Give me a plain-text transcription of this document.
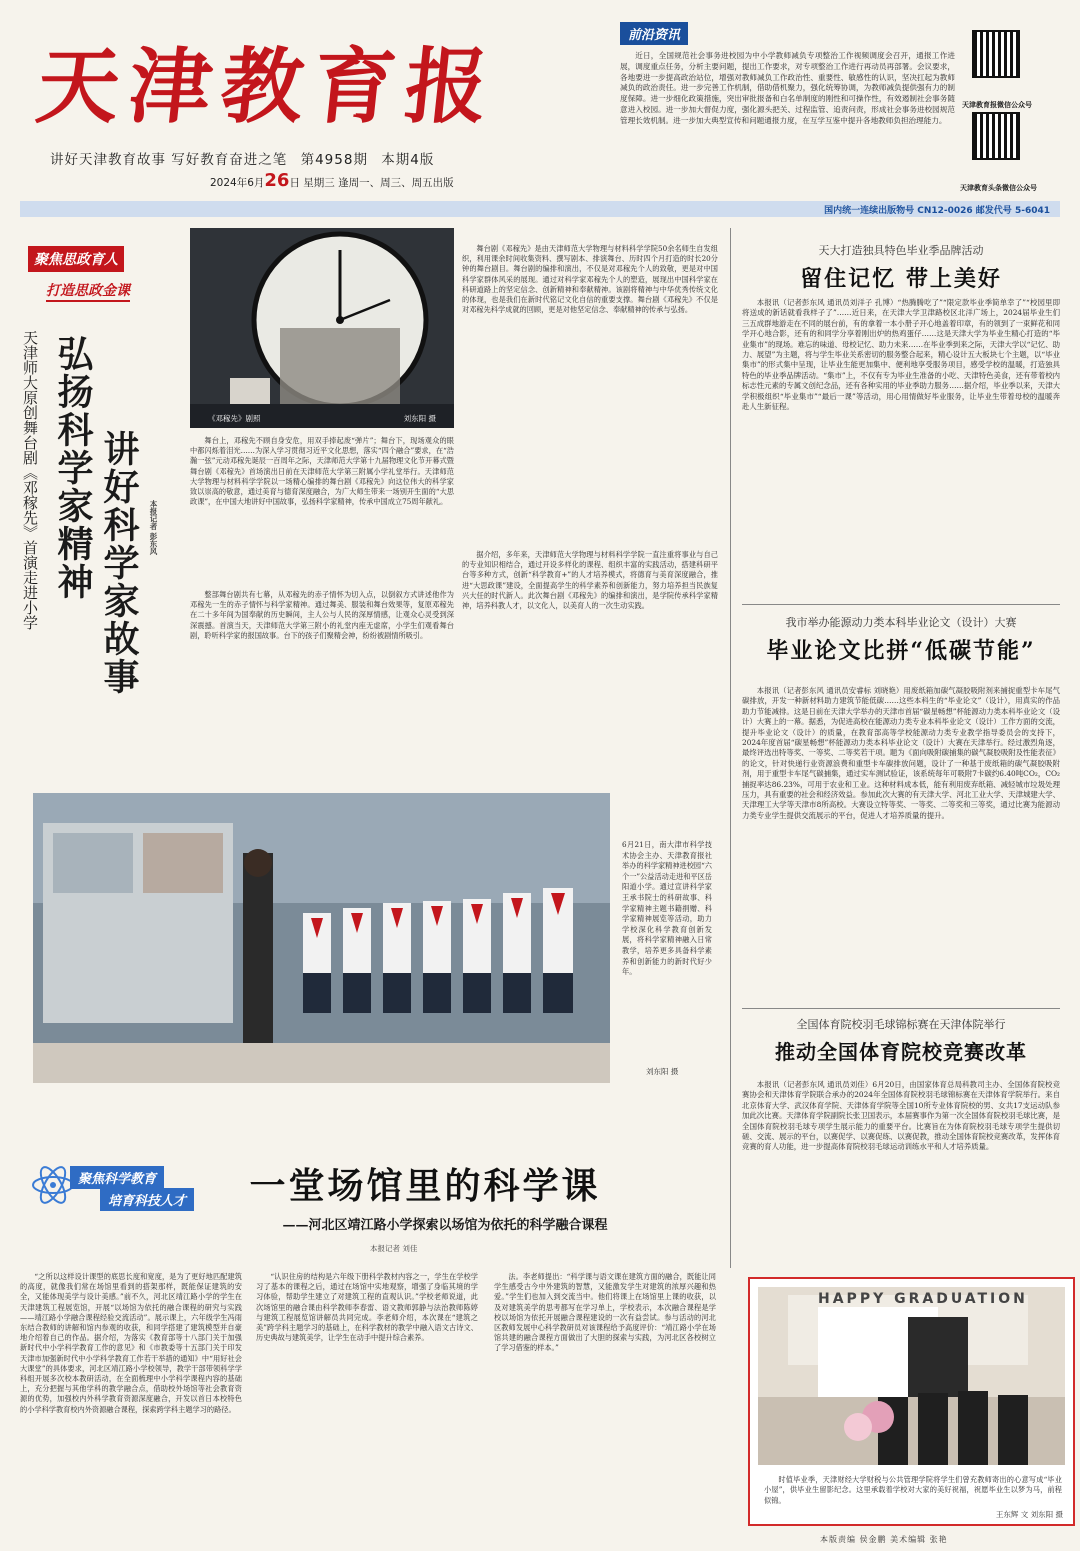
天津教育报
讲好天津教育故事 写好教育奋进之笔 第4958期 本期4版
2024年6月26日 星期三 逢周一、周三、周五出版
前沿资讯
近日，全国规范社会事务进校园为中小学教师减负专项整治工作视频调度会召开，通报工作进展，调度重点任务，分析主要问题，提出工作要求，对专项整治工作进行再动员再部署。会议要求，各地要进一步提高政治站位，增强对教师减负工作政治性、重要性、敏感性的认识，坚决扛起为教师减负的政治责任。进一步完善工作机制，借助借机聚力，强化统筹协调，为教师减负提供强有力的制度保障。进一步细化政策措施，突出审批报备和白名单制度的刚性和可操作性，有效遏制社会事务随意进入校园。进一步加大督促力度，强化源头把关、过程监管、追责问责，形成社会事务进校园规范管理长效机制。进一步加大典型宣传和问题通报力度，在互学互鉴中提升各地教师负担治理能力。
天津教育报微信公众号
天津教育头条微信公众号
国内统一连续出版物号 CN12-0026 邮发代号 5-6041
聚焦思政育人 打造思政金课
天津师大原创舞台剧《邓稼先》首演走进小学 弘扬科学家精神 讲好科学家故事	本报记者 彭东风
《邓稼先》剧照	刘东阳 摄
舞台上，邓稼先不顾自身安危，用双手捧起废“弹片”；舞台下，现场观众的眼中都闪烁着泪光……为深入学习贯彻习近平文化思想，落实“四个融合”要求，在“浩瀚一弦”元动邓稼先诞辰一百周年之际，天津师范大学第十九届物理文化节开幕式暨舞台剧《邓稼先》首场演出日前在天津师范大学第三附属小学礼堂举行。天津师范大学物理与材料科学学院以一场精心编排的舞台剧《邓稼先》向这位伟大的科学家致以崇高的敬意，通过美育与德育深度融合，为广大师生带来一场别开生面的“大思政课”，在中国大地讲好中国故事，弘扬科学家精神，传承中国成立75周年献礼。
整部舞台剧共有七幕，从邓稼先的赤子情怀为切入点，以倒叙方式讲述他作为邓稼先一生的赤子情怀与科学家精神。通过舞美、服装和舞台效果等，复原邓稼先在二十多年间为国奉献的历史瞬间，主人公与人民的深厚情感，让观众心灵受到深深震撼。首演当天，天津师范大学第三附小的礼堂内座无虚席，小学生们观看舞台剧，聆听科学家的报国故事。台下的孩子们聚精会神，纷纷被剧情所吸引。
舞台剧《邓稼先》是由天津师范大学物理与材料科学学院50余名师生自发组织，利用课余时间收集资料、撰写剧本、排演舞台、历时四个月打造的时长20分钟的舞台剧目。舞台剧的编排和演出，不仅是对邓稼先个人的致敬，更是对中国科学家群体风采的展现。通过对科学家邓稼先个人的塑造，展现出中国科学家在科研道路上的坚定信念、创新精神和奉献精神。该剧将精神与中华优秀传统文化的体现，也是我们在新时代铭记文化自信的重要支撑。舞台剧《邓稼先》不仅是对邓稼先科学成就的回顾，更是对他坚定信念、奉献精神的传承与弘扬。
据介绍，多年来，天津师范大学物理与材料科学学院一直注重将事业与自己的专业知识相结合，通过开设多样化的课程、组织丰富的实践活动，搭建科研平台等多种方式，创新“科学教育+”的人才培养模式，将德育与美育深度融合，推进“大思政课”建设，全面提高学生的科学素养和创新能力，努力培养担当民族复兴大任的时代新人。此次舞台剧《邓稼先》的编排和演出，是学院传承科学家精神，培养科教人才，以文化人，以美育人的一次生动实践。
6月21日，南大津市科学技术协会主办、天津教育报社举办的科学家精神进校园“六个一”公益活动走进和平区岳阳道小学。通过宣讲科学家王承书院士的科研故事、科学家精神主题书籍捐赠、科学家精神展览等活动，助力学校深化科学教育创新发展，将科学家精神融入日常教学，培养更多具备科学素养和创新能力的新时代好少年。
刘东阳 摄
聚焦科学教育
培育科技人才	一堂场馆里的科学课
——河北区靖江路小学探索以场馆为依托的科学融合课程
本报记者 刘佳
“之所以这样设计课型的底思长度和宽度，是为了更好地匹配建筑的高度，就像我们常在场馆里看到的搭架那样，既能保证建筑的安全，又能体现美学与设计美感。”前不久，河北区靖江路小学的学生在天津建筑工程展览馆，开展“以场馆为依托的融合课程的研究与实践——靖江路小学融合课程经验交流活动”。展示课上，六年级学生冯雨东结合教师的讲解和馆内参观的收获，和同学搭建了建筑模型并自豪地介绍着自己的作品。据介绍，为落实《教育部等十八部门关于加强新时代中小学科学教育工作的意见》和《市教委等十五部门关于印发天津市加强新时代中小学科学教育工作若干举措的通知》中“用好社会大课堂”的具体要求，河北区靖江路小学校领导，教学干部带领科学学科组开展多次校本教研活动，在全面梳理中小学科学课程内容的基础上，充分把握与其他学科的教学融合点，借助校外场馆等社会教育资源的优势，加强校内外科学教育资源深度融合，开发以首日本校特色的小学科学教育校内外资源融合课程，探索跨学科主题学习的路径。
“认识住房的结构是六年级下册科学教材内容之一，学生在学校学习了基本的课程之后，通过在场馆中实地观察，增强了身临其境的学习体验，帮助学生建立了对建筑工程的直观认识。”学校老师说道，此次场馆里的融合课由科学教师李春雷、语文教师郭静与法治教师陈婷与建筑工程展览馆讲解员共同完成。李老师介绍，本次课在“建筑之美”跨学科主题学习的基础上，在科学教材的教学中融入语文古诗文、历史典故与建筑美学，让学生在动手中提升综合素养。
法。李老师提出：“科学课与语文课在建筑方面的融合，既能让同学生感受古今中外建筑的智慧，又能激发学生对建筑的浓厚兴趣和热爱。”学生们也加入到交流当中。他们将课上在场馆里上课的收获，以及对建筑美学的思考都写在学习单上，学校表示，本次融合课程是学校以场馆为依托开展融合课程建设的一次有益尝试。参与活动的河北区教师发展中心科学教研员对该课程给予高度评价：“靖江路小学在场馆共建的融合课程方面做出了大胆的探索与实践，为河北区各校树立了学习借鉴的样本。”
天大打造独具特色毕业季品牌活动
留住记忆 带上美好
本报讯（记者彭东风 通讯员刘洋子 孔博）“热腾腾吃了”“限定款毕业季简单幸了”“校园里即将送成的新话就看我样子了”……近日来，在天津大学卫津路校区北洋广场上，2024届毕业生们三五成群地游走在不同的展台前，有的拿着一本小册子开心地盖着印章，有的领到了一束鲜花和同学开心地合影，还有的和同学分享着刚出炉的热鸡蛋仔……这是天津大学为毕业生精心打造的“毕业集市”的现场。难忘的味道、母校记忆、助力未来……在毕业季到来之际，天津大学以“记忆、助力、展望”为主题，将与学生毕业关系密切的服务整合起来，精心设计五大板块七个主题，以“毕业集市”的形式集中呈现，让毕业生能更加集中、便利地享受服务项目，感受学校的温暖，打造独具特色的毕业季品牌活动。“集市”上，不仅有专为毕业生准备的小吃、天津特色美食，还有带着校内标志性元素的专属文创纪念品，还有各种实用的毕业季助力服务……据介绍，毕业季以来，天津大学积极组织“毕业集市”“最后一课”等活动，用心用情做好毕业服务，让毕业生带着母校的温暖奔赴人生新征程。
我市举办能源动力类本科毕业论文（设计）大赛
毕业论文比拼“低碳节能”
本报讯（记者彭东风 通讯员安睿标 刘晓艳）用废纸箱加碳气凝胶吸附剂来捕捉重型卡车尾气碳排放，开发一种新材料助力建筑节能低碳……这些本科生的“毕业论文”（设计），用真实的作品助力节能减排。这是日前在天津大学举办的天津市首届“碳星畅想”杯能源动力类本科毕业论文（设计）大赛上的一幕。据悉，为促进高校在能源动力类专业本科毕业论文（设计）工作方面的交流，提升毕业论文（设计）的质量，在教育部高等学校能源动力类专业教学指导委员会的支持下，2024年度首届“碳星畅想”杯能源动力类本科毕业论文（设计）大赛在天津举行。经过激烈角逐，最终评选出特等奖、一等奖、二等奖若干项。题为《面向吸附碳捕集的碳气凝胶吸附及性能表征》的论文，针对快递行业资源浪费和重型卡车碳排放问题，设计了一种基于废纸箱的碳气凝胶吸附剂，用于重型卡车尾气碳捕集，通过实车测试验证，该系统每年可吸附7卡碳约6.40吨CO₂，CO₂捕捉率达86.23%，可用于农业和工业。这种材料成本低，能有利用废弃纸箱、减轻城市垃圾处理压力，具有重要的社会和经济效益。参加此次大赛的有天津大学、河北工业大学、天津城建大学、天津理工大学等天津市8所高校。大赛设立特等奖、一等奖、二等奖和三等奖，通过比赛为能源动力类专业学生提供交流展示的平台，促进人才培养质量的提升。
全国体育院校羽毛球锦标赛在天津体院举行
推动全国体育院校竞赛改革
本报讯（记者彭东风 通讯员刘佳）6月20日，由国家体育总局科教司主办、全国体育院校竞赛协会和天津体育学院联合承办的2024年全国体育院校羽毛球锦标赛在天津体育学院举行。来自北京体育大学、武汉体育学院、天津体育学院等全国10所专业体育院校的男、女共17支运动队参加此次比赛。天津体育学院副院长张卫国表示，本届赛事作为第一次全国体育院校羽毛球比赛，是全国体育院校羽毛球专项学生展示能力的重要平台。比赛旨在为体育院校羽毛球专项学生提供切磋、交流、展示的平台，以赛促学、以赛促练、以赛促教，推动全国体育院校竞赛改革，发挥体育竞赛的育人功能，进一步提高体育院校羽毛球运动训练水平和人才培养质量。
HAPPY GRADUATION
时值毕业季，天津财经大学财税与公共管理学院将学生们曾充教师寄出的心意写成“毕业小屋”，供毕业生留影纪念。这里承载着学校对大家的美好祝福，祝愿毕业生以梦为马，前程似锦。
王东辉 文 刘东阳 摄
本版责编 侯金鹏 美术编辑 张艳
